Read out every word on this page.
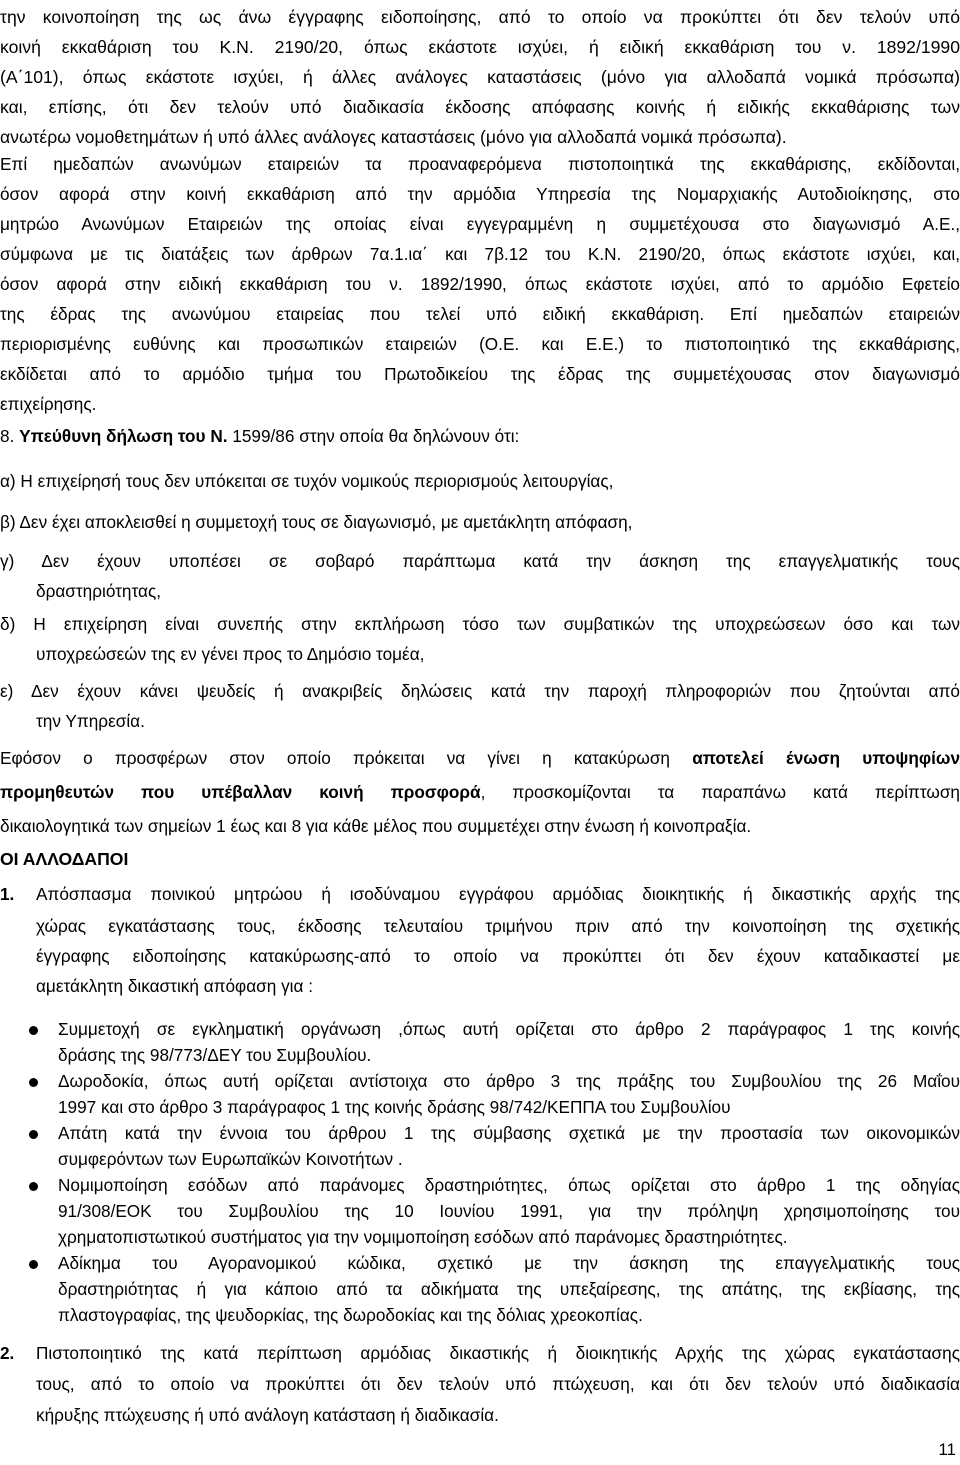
την κοινοποίηση της ως άνω έγγραφης ειδοποίησης, από το οποίο να προκύπτει ότι δεν τελούν υπό
κοινή εκκαθάριση του Κ.Ν. 2190/20, όπως εκάστοτε ισχύει, ή ειδική εκκαθάριση του ν. 1892/1990
(Α΄101), όπως εκάστοτε ισχύει, ή άλλες ανάλογες καταστάσεις (μόνο για αλλοδαπά νομικά πρόσωπα)
και, επίσης, ότι δεν τελούν υπό διαδικασία έκδοσης απόφασης κοινής ή ειδικής εκκαθάρισης των
ανωτέρω νομοθετημάτων ή υπό άλλες ανάλογες καταστάσεις (μόνο για αλλοδαπά νομικά πρόσωπα).
Επί ημεδαπών ανωνύμων εταιρειών τα προαναφερόμενα πιστοποιητικά της εκκαθάρισης, εκδίδονται,
όσον αφορά στην κοινή εκκαθάριση από την αρμόδια Υπηρεσία της Νομαρχιακής Αυτοδιοίκησης, στο
μητρώο Ανωνύμων Εταιρειών της οποίας είναι εγγεγραμμένη η συμμετέχουσα στο διαγωνισμό Α.Ε.,
σύμφωνα με τις διατάξεις των άρθρων 7α.1.ια΄ και 7β.12 του Κ.Ν. 2190/20, όπως εκάστοτε ισχύει, και,
όσον αφορά στην ειδική εκκαθάριση του ν. 1892/1990, όπως εκάστοτε ισχύει, από το αρμόδιο Εφετείο
της έδρας της ανωνύμου εταιρείας που τελεί υπό ειδική εκκαθάριση. Επί ημεδαπών εταιρειών
περιορισμένης ευθύνης και προσωπικών εταιρειών (Ο.Ε. και Ε.Ε.) το πιστοποιητικό της εκκαθάρισης,
εκδίδεται από το αρμόδιο τμήμα του Πρωτοδικείου της έδρας της συμμετέχουσας στον διαγωνισμό
επιχείρησης.
8. Υπεύθυνη δήλωση του Ν. 1599/86 στην οποία θα δηλώνουν ότι:
α) Η επιχείρησή τους δεν υπόκειται σε τυχόν νομικούς περιορισμούς λειτουργίας,
β) Δεν έχει αποκλεισθεί η συμμετοχή τους σε διαγωνισμό, με αμετάκλητη απόφαση,
γ) Δεν έχουν υποπέσει σε σοβαρό παράπτωμα κατά την άσκηση της επαγγελματικής τους
δραστηριότητας,
δ) Η επιχείρηση είναι συνεπής στην εκπλήρωση τόσο των συμβατικών της υποχρεώσεων όσο και των
υποχρεώσεών της εν γένει προς το Δημόσιο τομέα,
ε) Δεν έχουν κάνει ψευδείς ή ανακριβείς δηλώσεις κατά την παροχή πληροφοριών που ζητούνται από
την Υπηρεσία.
Εφόσον ο προσφέρων στον οποίο πρόκειται να γίνει η κατακύρωση αποτελεί ένωση υποψηφίων
προμηθευτών που υπέβαλλαν κοινή προσφορά, προσκομίζονται τα παραπάνω κατά περίπτωση
δικαιολογητικά των σημείων 1 έως και 8 για κάθε μέλος που συμμετέχει στην ένωση ή κοινοπραξία.
ΟΙ ΑΛΛΟΔΑΠΟΙ
1. Απόσπασμα ποινικού μητρώου ή ισοδύναμου εγγράφου αρμόδιας διοικητικής ή δικαστικής αρχής της
χώρας εγκατάστασης τους, έκδοσης τελευταίου τριμήνου πριν από την κοινοποίηση της σχετικής
έγγραφης ειδοποίησης κατακύρωσης-από το οποίο να προκύπτει ότι δεν έχουν καταδικαστεί με
αμετάκλητη δικαστική απόφαση για :
Συμμετοχή σε εγκληματική οργάνωση ,όπως αυτή ορίζεται στο άρθρο 2 παράγραφος 1 της κοινής
δράσης της 98/773/ΔΕΥ του Συμβουλίου.
Δωροδοκία, όπως αυτή ορίζεται αντίστοιχα στο άρθρο 3 της πράξης του Συμβουλίου της 26 Μαΐου
1997 και στο άρθρο 3 παράγραφος 1 της κοινής δράσης 98/742/ΚΕΠΠΑ του Συμβουλίου
Απάτη κατά την έννοια του άρθρου 1 της σύμβασης σχετικά με την προστασία των οικονομικών
συμφερόντων των Ευρωπαϊκών Κοινοτήτων .
Νομιμοποίηση εσόδων από παράνομες δραστηριότητες, όπως ορίζεται στο άρθρο 1 της οδηγίας
91/308/ΕΟΚ του Συμβουλίου της 10 Ιουνίου 1991, για την πρόληψη χρησιμοποίησης του
χρηματοπιστωτικού συστήματος για την νομιμοποίηση εσόδων από παράνομες δραστηριότητες.
Αδίκημα του Αγορανομικού κώδικα, σχετικό με την άσκηση της επαγγελματικής τους
δραστηριότητας ή για κάποιο από τα αδικήματα της υπεξαίρεσης, της απάτης, της εκβίασης, της
πλαστογραφίας, της ψευδορκίας, της δωροδοκίας και της δόλιας χρεοκοπίας.
2. Πιστοποιητικό της κατά περίπτωση αρμόδιας δικαστικής ή διοικητικής Αρχής της χώρας εγκατάστασης
τους, από το οποίο να προκύπτει ότι δεν τελούν υπό πτώχευση, και ότι δεν τελούν υπό διαδικασία
κήρυξης πτώχευσης ή υπό ανάλογη κατάσταση ή διαδικασία.
11
